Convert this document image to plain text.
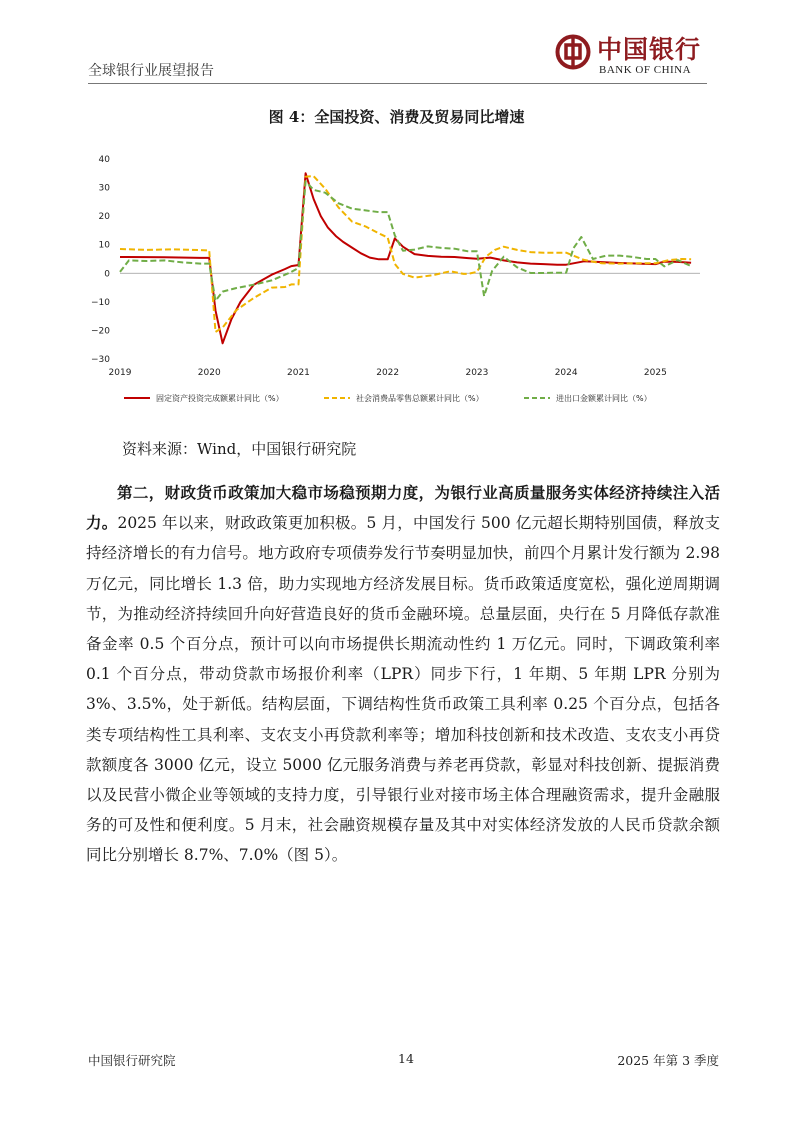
全球银行业展望报告
中国银行
BANK OF CHINA
图 4：全国投资、消费及贸易同比增速
40
30
20
10
0
−10
−20
−30
2019	2020	2021	2022	2023	2024	2025
固定资产投资完成额累计同比（%）	社会消费品零售总额累计同比（%）	进出口金额累计同比（%）
资料来源：Wind，中国银行研究院
第二，财政货币政策加大稳市场稳预期力度，为银行业高质量服务实体经济持续注入活力。2025 年以来，财政政策更加积极。5 月，中国发行 500 亿元超长期特别国债，释放支持经济增长的有力信号。地方政府专项债券发行节奏明显加快，前四个月累计发行额为 2.98 万亿元，同比增长 1.3 倍，助力实现地方经济发展目标。货币政策适度宽松，强化逆周期调节，为推动经济持续回升向好营造良好的货币金融环境。总量层面，央行在 5 月降低存款准备金率 0.5 个百分点，预计可以向市场提供长期流动性约 1 万亿元。同时，下调政策利率 0.1 个百分点，带动贷款市场报价利率（LPR）同步下行，1 年期、5 年期 LPR 分别为 3%、3.5%，处于新低。结构层面，下调结构性货币政策工具利率 0.25 个百分点，包括各类专项结构性工具利率、支农支小再贷款利率等；增加科技创新和技术改造、支农支小再贷款额度各 3000 亿元，设立 5000 亿元服务消费与养老再贷款，彰显对科技创新、提振消费以及民营小微企业等领域的支持力度，引导银行业对接市场主体合理融资需求，提升金融服务的可及性和便利度。5 月末，社会融资规模存量及其中对实体经济发放的人民币贷款余额同比分别增长 8.7%、7.0%（图 5）。
中国银行研究院	14	2025 年第 3 季度
